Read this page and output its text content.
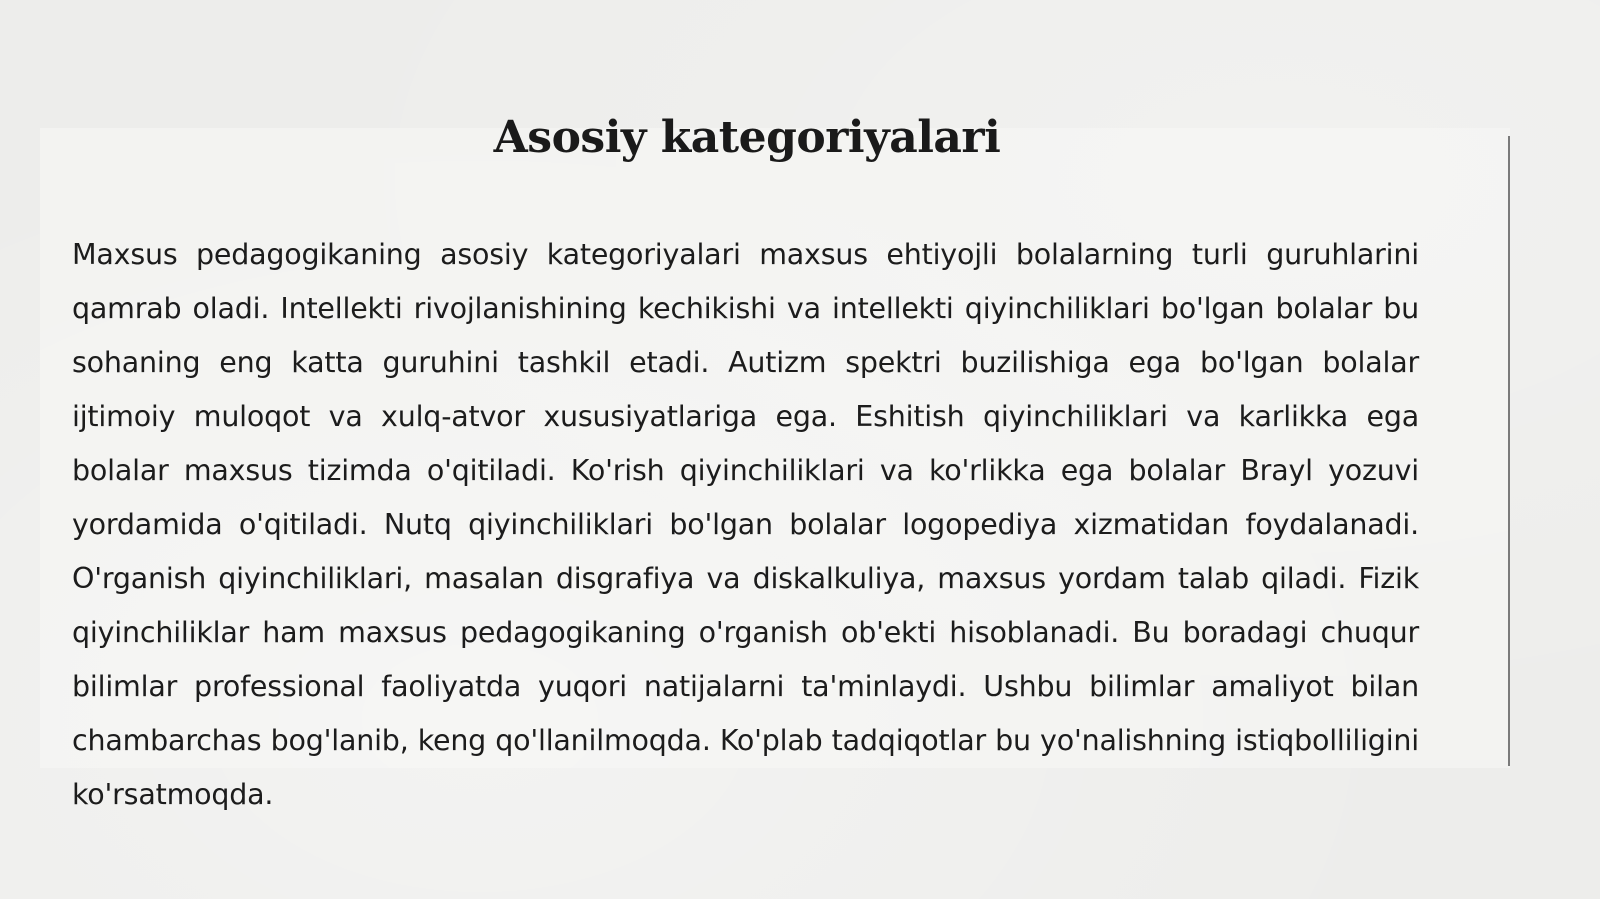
Asosiy kategoriyalari

Maxsus pedagogikaning asosiy kategoriyalari maxsus ehtiyojli bolalarning turli guruhlarini qamrab oladi. Intellekti rivojlanishining kechikishi va intellekti qiyinchiliklari bo'lgan bolalar bu sohaning eng katta guruhini tashkil etadi. Autizm spektri buzilishiga ega bo'lgan bolalar ijtimoiy muloqot va xulq-atvor xususiyatlariga ega. Eshitish qiyinchiliklari va karlikka ega bolalar maxsus tizimda o'qitiladi. Ko'rish qiyinchiliklari va ko'rlikka ega bolalar Brayl yozuvi yordamida o'qitiladi. Nutq qiyinchiliklari bo'lgan bolalar logopediya xizmatidan foydalanadi. O'rganish qiyinchiliklari, masalan disgrafiya va diskalkuliya, maxsus yordam talab qiladi. Fizik qiyinchiliklar ham maxsus pedagogikaning o'rganish ob'ekti hisoblanadi. Bu boradagi chuqur bilimlar professional faoliyatda yuqori natijalarni ta'minlaydi. Ushbu bilimlar amaliyot bilan chambarchas bog'lanib, keng qo'llanilmoqda. Ko'plab tadqiqotlar bu yo'nalishning istiqbolliligini ko'rsatmoqda.
